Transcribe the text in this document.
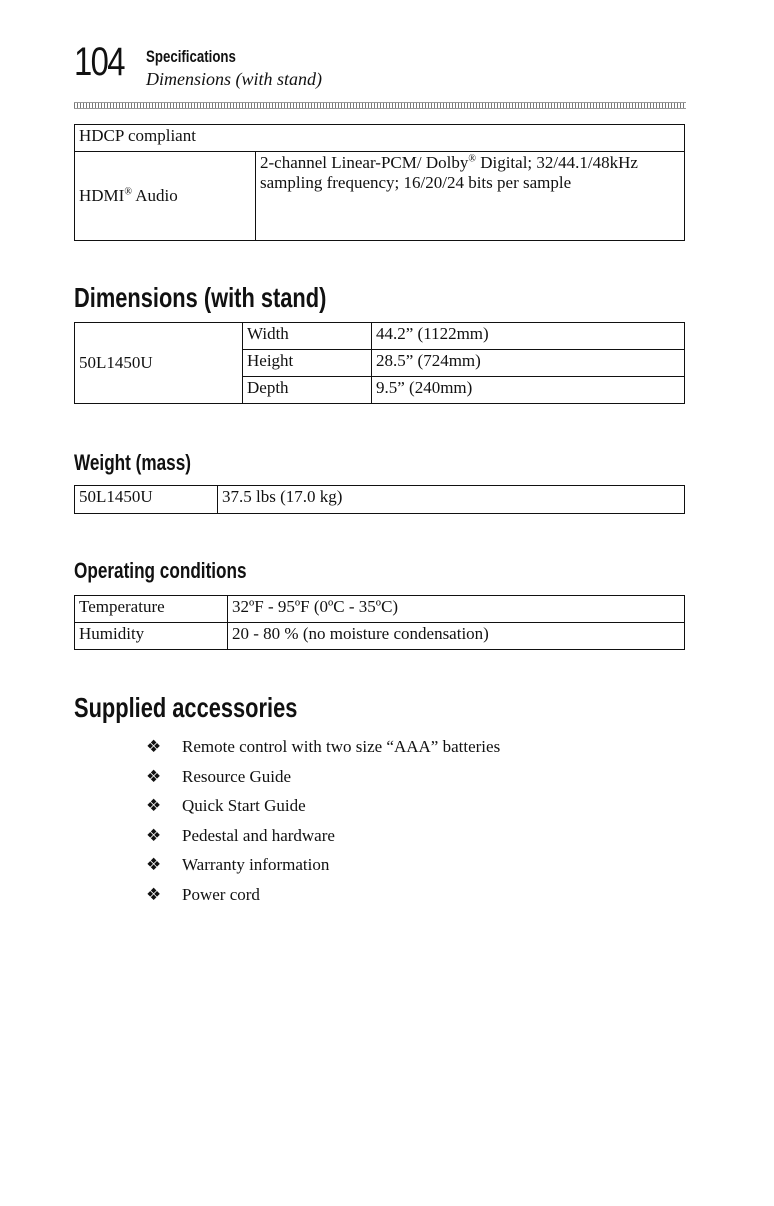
104 Specifications
Dimensions (with stand)
HDCP compliant
HDMI® Audio	2-channel Linear-PCM/ Dolby® Digital; 32/44.1/48kHz sampling frequency; 16/20/24 bits per sample
Dimensions (with stand)
50L1450U	Width	44.2” (1122mm)
	Height	28.5” (724mm)
	Depth	9.5” (240mm)
Weight (mass)
50L1450U	37.5 lbs (17.0 kg)
Operating conditions
Temperature	32ºF - 95ºF (0ºC - 35ºC)
Humidity	20 - 80 % (no moisture condensation)
Supplied accessories
❖	Remote control with two size “AAA” batteries
❖	Resource Guide
❖	Quick Start Guide
❖	Pedestal and hardware
❖	Warranty information
❖	Power cord
